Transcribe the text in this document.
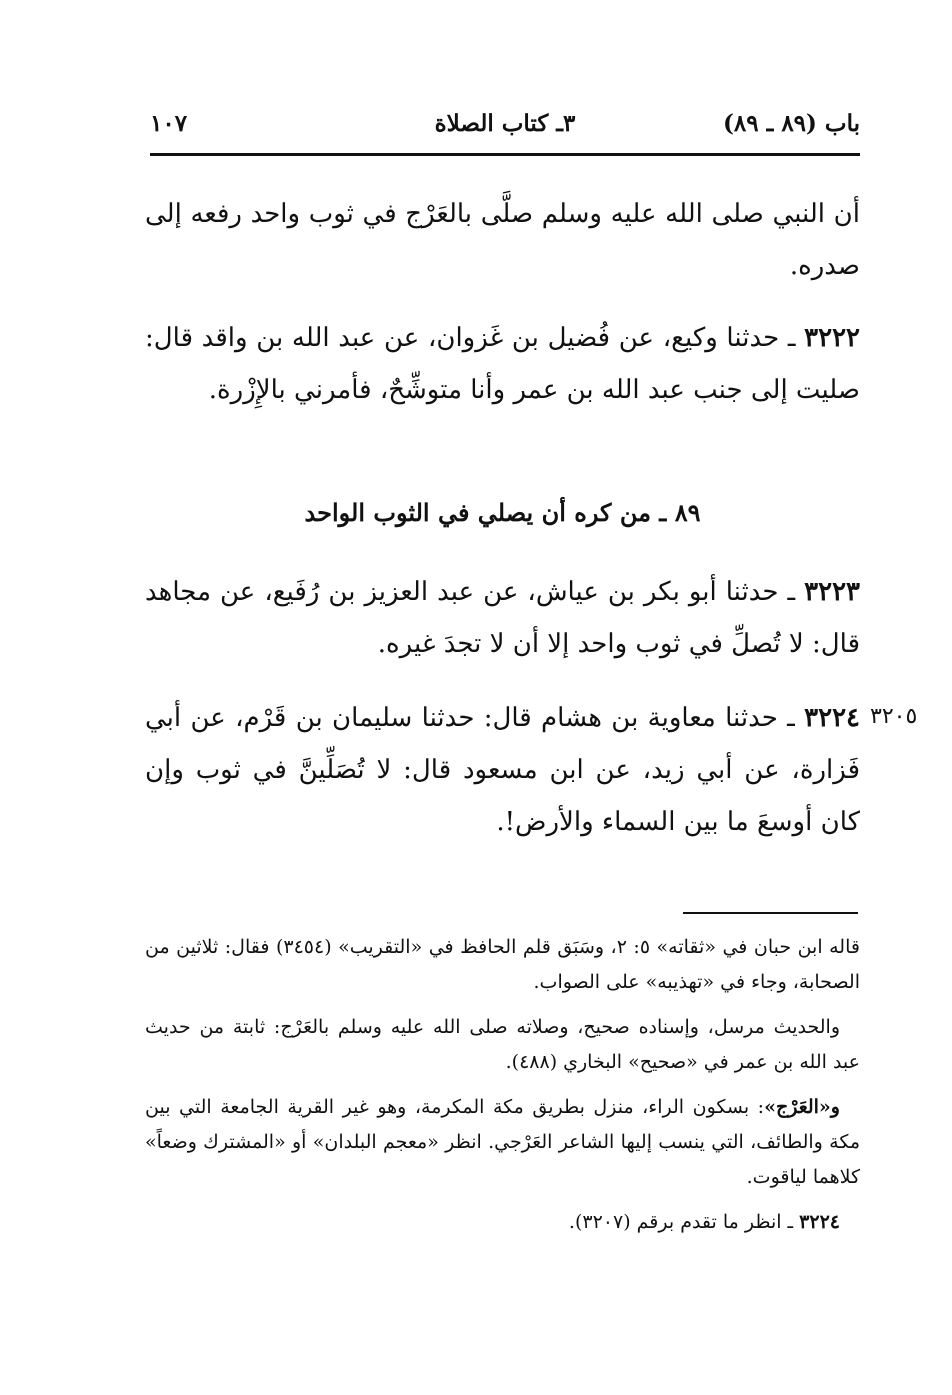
باب (٨٩ ـ ٨٩)
٣ـ كتاب الصلاة
١٠٧
أن النبي صلى الله عليه وسلم صلَّى بالعَرْج في ثوب واحد رفعه إلى صدره.
٣٢٢٢ ـ حدثنا وكيع، عن فُضيل بن غَزوان، عن عبد الله بن واقد قال: صليت إلى جنب عبد الله بن عمر وأنا متوشِّحٌ، فأمرني بالإِزْرة.
٨٩ ـ من كره أن يصلي في الثوب الواحد
٣٢٢٣ ـ حدثنا أبو بكر بن عياش، عن عبد العزيز بن رُفَيع، عن مجاهد قال: لا تُصلِّ في ثوب واحد إلا أن لا تجدَ غيره.
٣٢٢٤ ـ حدثنا معاوية بن هشام قال: حدثنا سليمان بن قَرْم، عن أبي فَزارة، عن أبي زيد، عن ابن مسعود قال: لا تُصَلِّينَّ في ثوب وإن كان أوسعَ ما بين السماء والأرض!.
٣٢٠٥

قاله ابن حبان في «ثقاته» ٥: ٢، وسَبَق قلم الحافظ في «التقريب» (٣٤٥٤) فقال: ثلاثين من الصحابة، وجاء في «تهذيبه» على الصواب.

والحديث مرسل، وإسناده صحيح، وصلاته صلى الله عليه وسلم بالعَرْج: ثابتة من حديث عبد الله بن عمر في «صحيح» البخاري (٤٨٨).

و«العَرْج»: بسكون الراء، منزل بطريق مكة المكرمة، وهو غير القرية الجامعة التي بين مكة والطائف، التي ينسب إليها الشاعر العَرْجي. انظر «معجم البلدان» أو «المشترك وضعاً» كلاهما لياقوت.

٣٢٢٤ ـ انظر ما تقدم برقم (٣٢٠٧).
